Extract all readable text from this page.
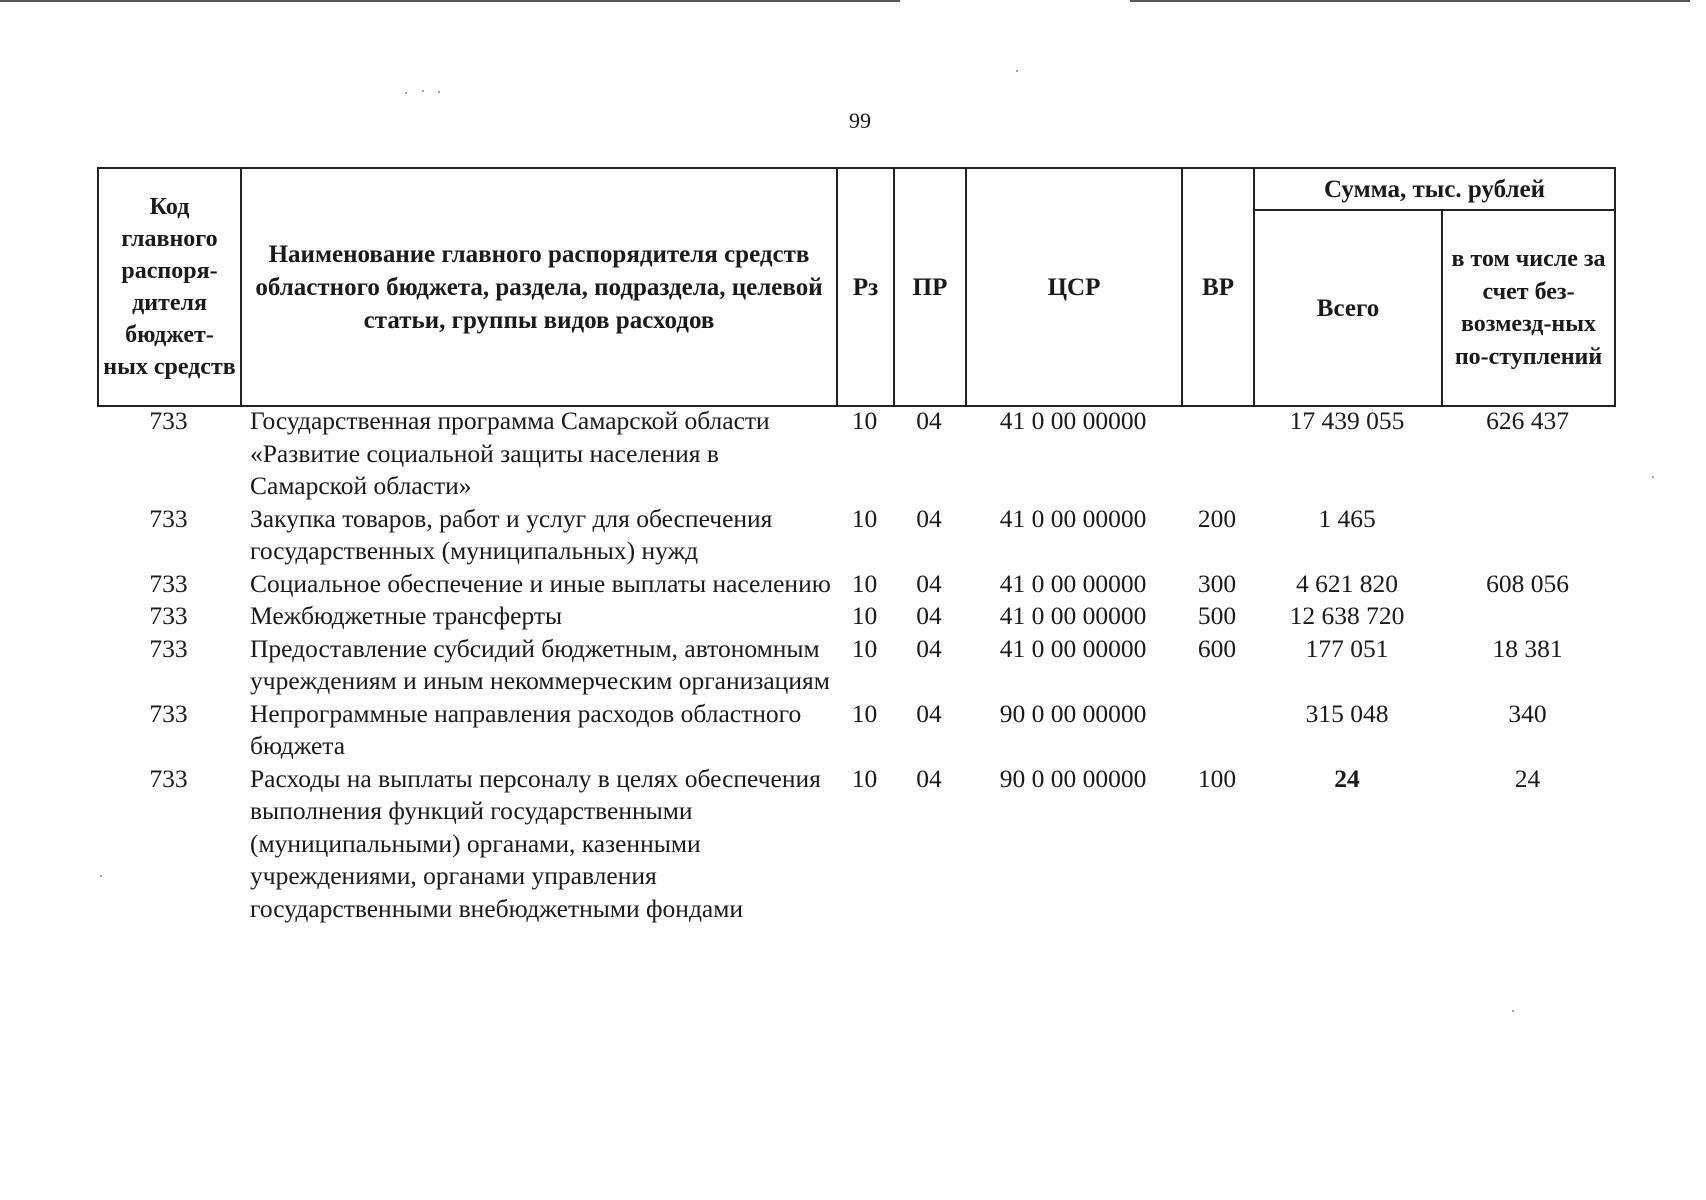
99
Код главного распоря-дителя бюджет-ных средств	Наименование главного распорядителя средств областного бюджета, раздела, подраздела, целевой статьи, группы видов расходов	Рз	ПР	ЦСР	ВР	Сумма, тыс. рублей	
						Всего	в том числе за счет без-возмезд-ных по-ступлений
733	Государственная программа Самарской области «Развитие социальной защиты населения в Самарской области»	10	04	41 0 00 00000		17 439 055	626 437
733	Закупка товаров, работ и услуг для обеспечения государственных (муниципальных) нужд	10	04	41 0 00 00000	200	1 465	
733	Социальное обеспечение и иные выплаты населению	10	04	41 0 00 00000	300	4 621 820	608 056
733	Межбюджетные трансферты	10	04	41 0 00 00000	500	12 638 720	
733	Предоставление субсидий бюджетным, автономным учреждениям и иным некоммерческим организациям	10	04	41 0 00 00000	600	177 051	18 381
733	Непрограммные направления расходов областного бюджета	10	04	90 0 00 00000		315 048	340
733	Расходы на выплаты персоналу в целях обеспечения выполнения функций государственными (муниципальными) органами, казенными учреждениями, органами управления государственными внебюджетными фондами	10	04	90 0 00 00000	100	24	24
